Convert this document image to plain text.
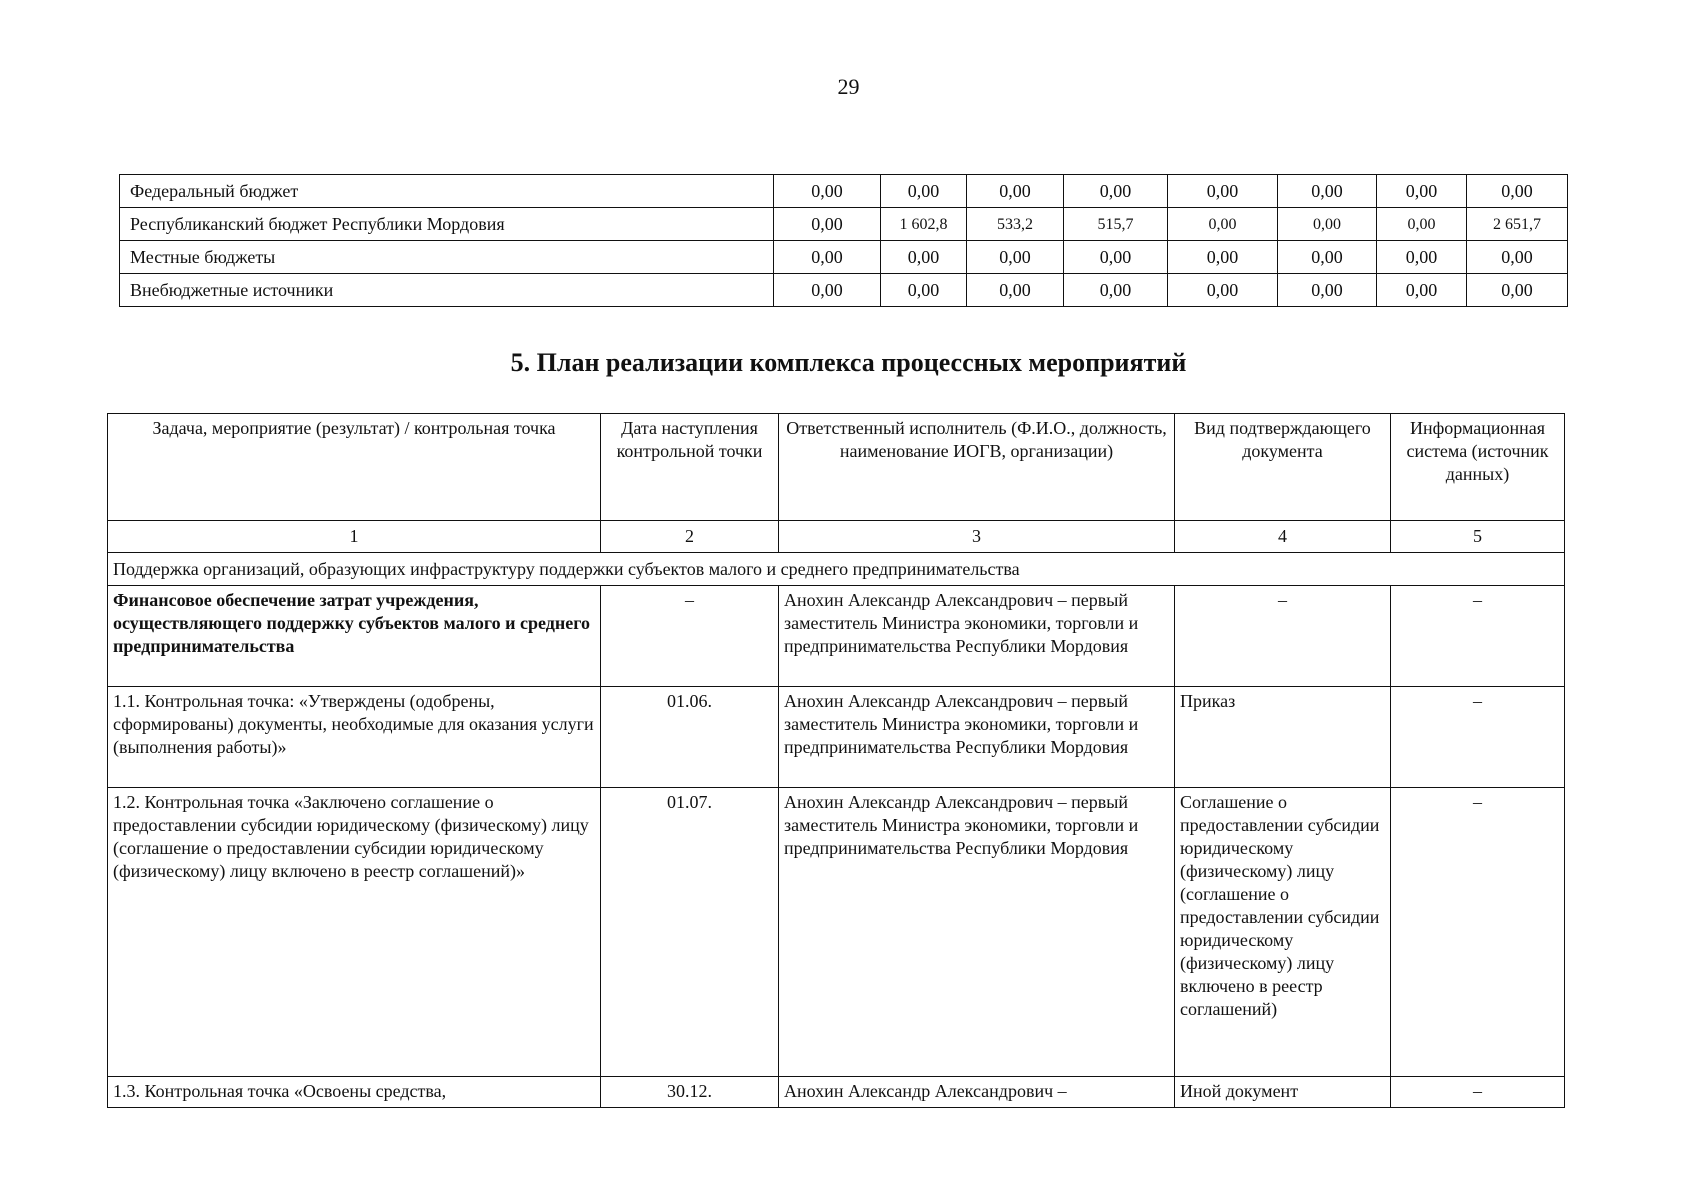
29
Федеральный бюджет	0,00	0,00	0,00	0,00	0,00	0,00	0,00	0,00
Республиканский бюджет Республики Мордовия	0,00	1 602,8	533,2	515,7	0,00	0,00	0,00	2 651,7
Местные бюджеты	0,00	0,00	0,00	0,00	0,00	0,00	0,00	0,00
Внебюджетные источники	0,00	0,00	0,00	0,00	0,00	0,00	0,00	0,00
5. План реализации комплекса процессных мероприятий
Задача, мероприятие (результат) / контрольная точка	Дата наступления контрольной точки	Ответственный исполнитель (Ф.И.О., должность, наименование ИОГВ, организации)	Вид подтверждающего документа	Информационная система (источник данных)
1	2	3	4	5
Поддержка организаций, образующих инфраструктуру поддержки субъектов малого и среднего предпринимательства				
Финансовое обеспечение затрат учреждения, осуществляющего поддержку субъектов малого и среднего предпринимательства	–	Анохин Александр Александрович – первый заместитель Министра экономики, торговли и предпринимательства Республики Мордовия	–	–
1.1. Контрольная точка: «Утверждены (одобрены, сформированы) документы, необходимые для оказания услуги (выполнения работы)»	01.06.	Анохин Александр Александрович – первый заместитель Министра экономики, торговли и предпринимательства Республики Мордовия	Приказ	–
1.2. Контрольная точка «Заключено соглашение о предоставлении субсидии юридическому (физическому) лицу (соглашение о предоставлении субсидии юридическому (физическому) лицу включено в реестр соглашений)»	01.07.	Анохин Александр Александрович – первый заместитель Министра экономики, торговли и предпринимательства Республики Мордовия	Соглашение о предоставлении субсидии юридическому (физическому) лицу (соглашение о предоставлении субсидии юридическому (физическому) лицу включено в реестр соглашений)	–
1.3. Контрольная точка «Освоены средства,	30.12.	Анохин Александр Александрович –	Иной документ	–
